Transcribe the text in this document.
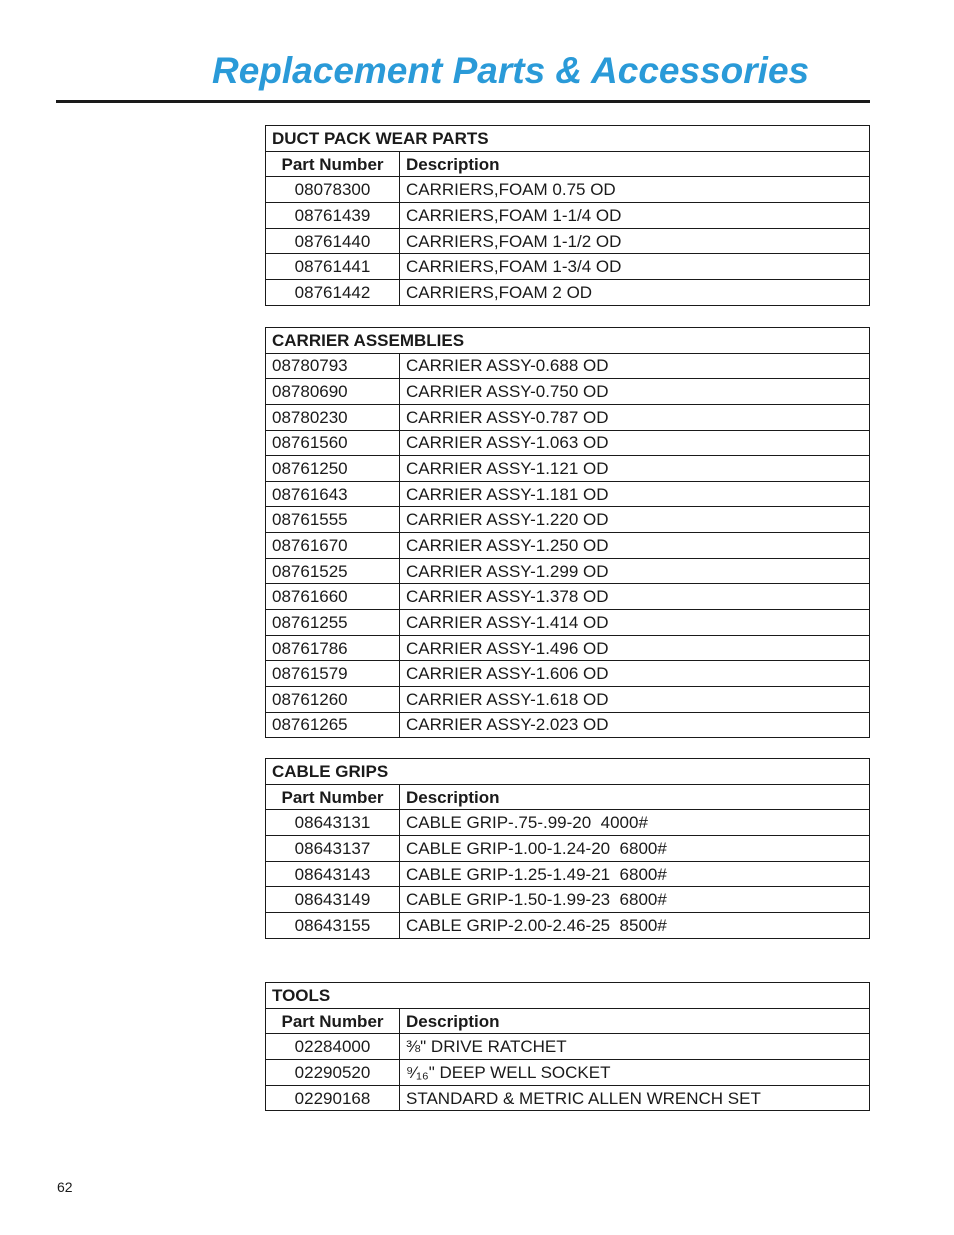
Replacement Parts & Accessories
DUCT PACK WEAR PARTS	
Part Number	Description
08078300	CARRIERS,FOAM 0.75 OD
08761439	CARRIERS,FOAM 1-1/4 OD
08761440	CARRIERS,FOAM 1-1/2 OD
08761441	CARRIERS,FOAM 1-3/4 OD
08761442	CARRIERS,FOAM 2 OD
CARRIER ASSEMBLIES	
08780793	CARRIER ASSY-0.688 OD
08780690	CARRIER ASSY-0.750 OD
08780230	CARRIER ASSY-0.787 OD
08761560	CARRIER ASSY-1.063 OD
08761250	CARRIER ASSY-1.121 OD
08761643	CARRIER ASSY-1.181 OD
08761555	CARRIER ASSY-1.220 OD
08761670	CARRIER ASSY-1.250 OD
08761525	CARRIER ASSY-1.299 OD
08761660	CARRIER ASSY-1.378 OD
08761255	CARRIER ASSY-1.414 OD
08761786	CARRIER ASSY-1.496 OD
08761579	CARRIER ASSY-1.606 OD
08761260	CARRIER ASSY-1.618 OD
08761265	CARRIER ASSY-2.023 OD
CABLE GRIPS	
Part Number	Description
08643131	CABLE GRIP-.75-.99-20  4000#
08643137	CABLE GRIP-1.00-1.24-20  6800#
08643143	CABLE GRIP-1.25-1.49-21  6800#
08643149	CABLE GRIP-1.50-1.99-23  6800#
08643155	CABLE GRIP-2.00-2.46-25  8500#
TOOLS	
Part Number	Description
02284000	⅜" DRIVE RATCHET
02290520	⁹⁄₁₆" DEEP WELL SOCKET
02290168	STANDARD & METRIC ALLEN WRENCH SET
62
